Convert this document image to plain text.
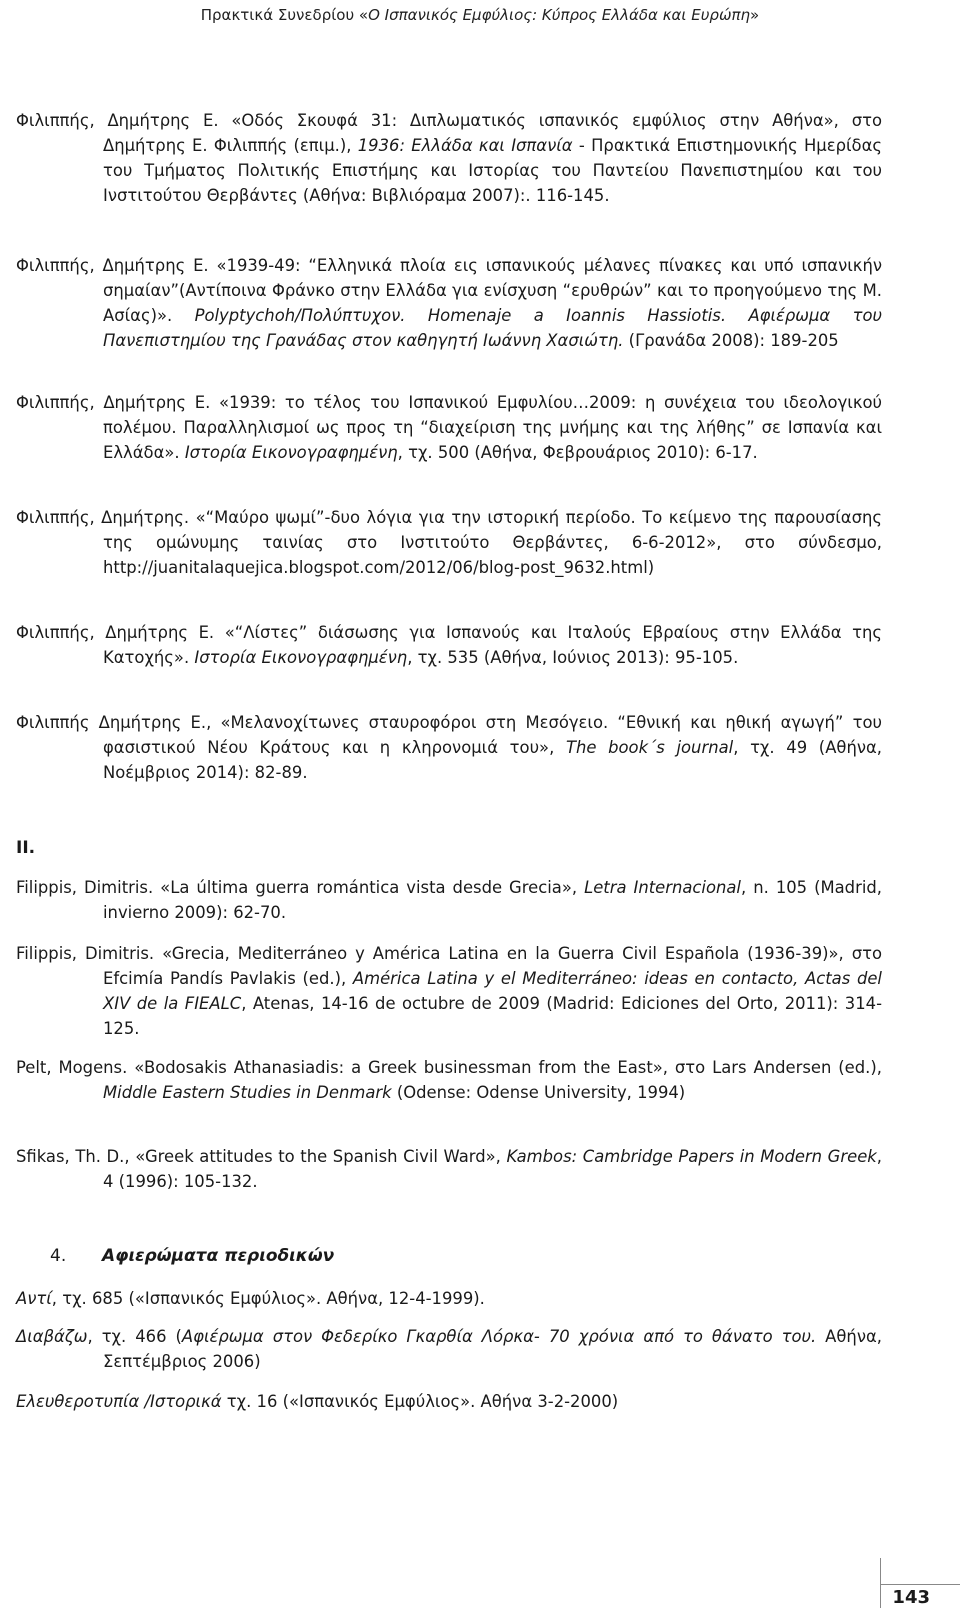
Πρακτικά Συνεδρίου «Ο Ισπανικός Εμφύλιος: Κύπρος Ελλάδα και Ευρώπη»
Φιλιππής, Δημήτρης Ε. «Οδός Σκουφά 31: Διπλωματικός ισπανικός εμφύλιος στην Αθήνα», στο Δημήτρης Ε. Φιλιππής (επιμ.), 1936: Ελλάδα και Ισπανία - Πρακτικά Επιστημονικής Ημερίδας του Τμήματος Πολιτικής Επιστήμης και Ιστορίας του Παντείου Πανεπιστημίου και του Ινστιτούτου Θερβάντες (Αθήνα: Βιβλιόραμα 2007):. 116-145.
Φιλιππής, Δημήτρης Ε. «1939-49: “Ελληνικά πλοία εις ισπανικούς μέλανες πίνακες και υπό ισπανικήν σημαίαν”(Αντίποινα Φράνκο στην Ελλάδα για ενίσχυση “ερυθρών” και το προηγούμενο της Μ. Ασίας)». Polyptychoh/Πολύπτυχον. Homenaje a Ioannis Hassiotis. Αφιέρωμα του Πανεπιστημίου της Γρανάδας στον καθηγητή Ιωάννη Χασιώτη. (Γρανάδα 2008): 189-205
Φιλιππής, Δημήτρης Ε. «1939: το τέλος του Ισπανικού Εμφυλίου…2009: η συνέχεια του ιδεολογικού πολέμου. Παραλληλισμοί ως προς τη “διαχείριση της μνήμης και της λήθης” σε Ισπανία και Ελλάδα». Ιστορία Εικονογραφημένη, τχ. 500 (Αθήνα, Φεβρουάριος 2010): 6-17.
Φιλιππής, Δημήτρης. «“Μαύρο ψωμί”-δυο λόγια για την ιστορική περίοδο. Το κείμενο της παρουσίασης της ομώνυμης ταινίας στο Ινστιτούτο Θερβάντες, 6-6-2012», στο σύνδεσμο, http://juanitalaquejica.blogspot.com/2012/06/blog-post_9632.html)
Φιλιππής, Δημήτρης Ε. «“Λίστες” διάσωσης για Ισπανούς και Ιταλούς Εβραίους στην Ελλάδα της Κατοχής». Ιστορία Εικονογραφημένη, τχ. 535 (Αθήνα, Ιούνιος 2013): 95-105.
Φιλιππής Δημήτρης Ε., «Μελανοχίτωνες σταυροφόροι στη Μεσόγειο. “Εθνική και ηθική αγωγή” του φασιστικού Νέου Κράτους και η κληρονομιά του», The book´s journal, τχ. 49 (Αθήνα, Νοέμβριος 2014): 82-89.
II.
Filippis, Dimitris. «La última guerra romántica vista desde Grecia», Letra Internacional, n. 105 (Madrid, invierno 2009): 62-70.
Filippis, Dimitris. «Grecia, Mediterráneo y América Latina en la Guerra Civil Española (1936-39)», στο Efcimía Pandís Pavlakis (ed.), América Latina y el Mediterráneo: ideas en contacto, Actas del XIV de la FIEALC, Atenas, 14-16 de octubre de 2009 (Madrid: Ediciones del Orto, 2011): 314-125.
Pelt, Mogens. «Bodosakis Athanasiadis: a Greek businessman from the East», στο Lars Andersen (ed.), Middle Eastern Studies in Denmark (Odense: Odense University, 1994)
Sfikas, Th. D., «Greek attitudes to the Spanish Civil Ward», Kambos: Cambridge Papers in Modern Greek, 4 (1996): 105-132.
4. Αφιερώματα περιοδικών
Αντί, τχ. 685 («Ισπανικός Εμφύλιος». Αθήνα, 12-4-1999).
Διαβάζω, τχ. 466 (Αφιέρωμα στον Φεδερίκο Γκαρθία Λόρκα- 70 χρόνια από το θάνατο του. Αθήνα, Σεπτέμβριος 2006)
Ελευθεροτυπία /Ιστορικά τχ. 16 («Ισπανικός Εμφύλιος». Αθήνα 3-2-2000)
143
